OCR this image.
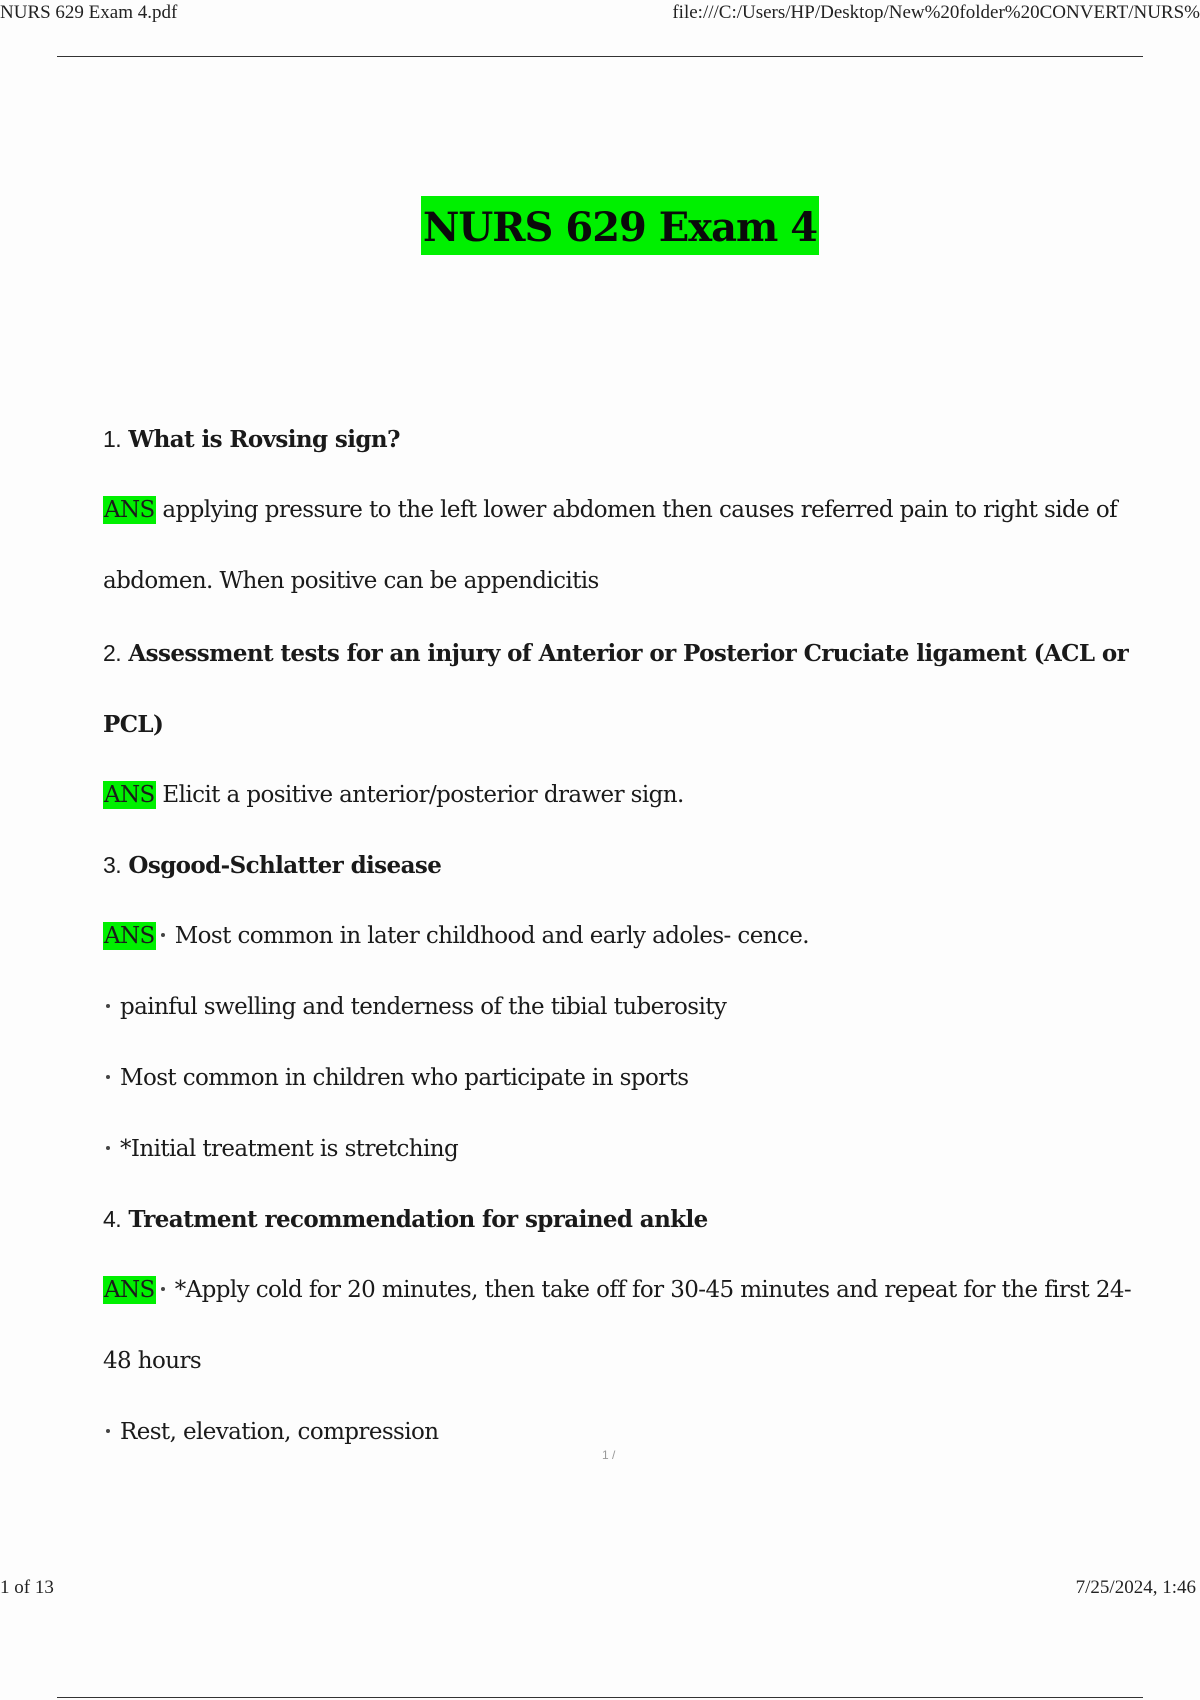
NURS 629 Exam 4.pdf	file:///C:/Users/HP/Desktop/New%20folder%20CONVERT/NURS%
NURS 629 Exam 4
1. What is Rovsing sign?
ANS applying pressure to the left lower abdomen then causes referred pain to right side of
abdomen. When positive can be appendicitis
2. Assessment tests for an injury of Anterior or Posterior Cruciate ligament (ACL or
PCL)
ANS Elicit a positive anterior/posterior drawer sign.
3. Osgood-Schlatter disease
ANS Most common in later childhood and early adoles- cence.
painful swelling and tenderness of the tibial tuberosity
Most common in children who participate in sports
*Initial treatment is stretching
4. Treatment recommendation for sprained ankle
ANS *Apply cold for 20 minutes, then take off for 30-45 minutes and repeat for the first 24-
48 hours
Rest, elevation, compression
1 /
1 of 13	7/25/2024, 1:46
